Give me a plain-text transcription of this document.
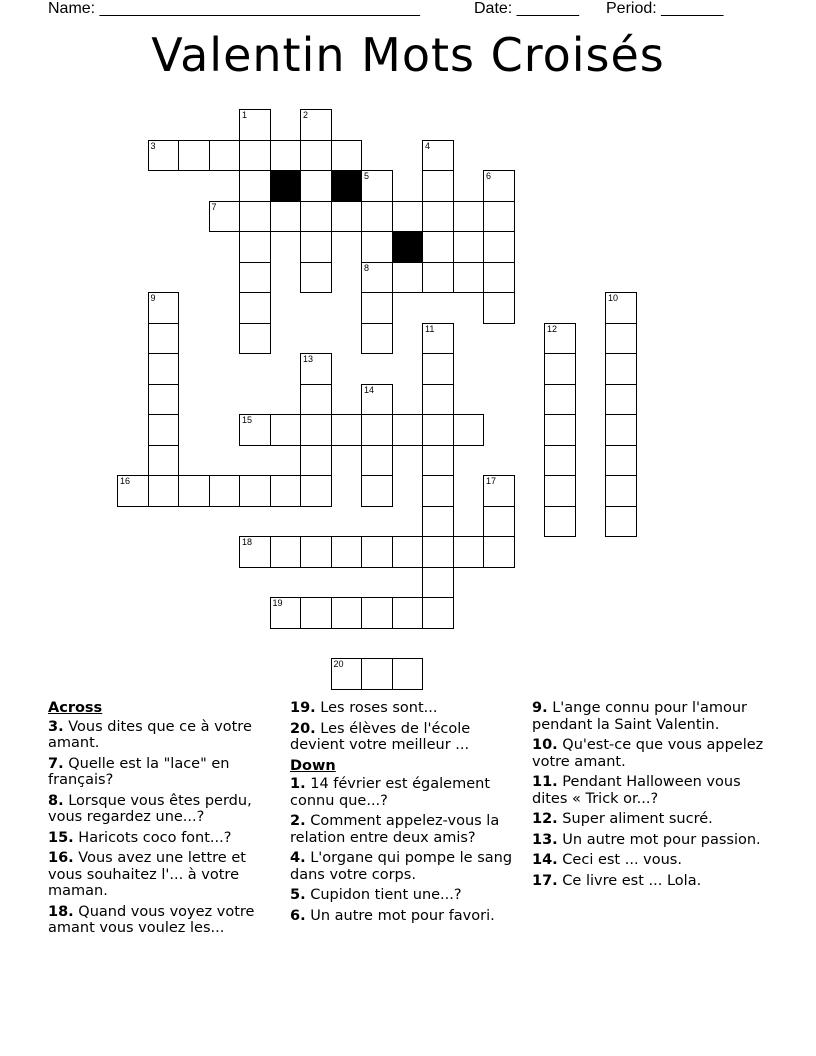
Name: ____________________________________	Date: _______ Period: _______
Valentin Mots Croisés
1	2
3	4
5	6
7
8
9	10
11	12
13
14
15
16	17
18
19
20
Across
3. Vous dites que ce à votre amant.
7. Quelle est la "lace" en français?
8. Lorsque vous êtes perdu, vous regardez une...?
15. Haricots coco font...?
16. Vous avez une lettre et vous souhaitez l'... à votre maman.
18. Quand vous voyez votre amant vous voulez les...
19. Les roses sont...
20. Les élèves de l'école devient votre meilleur ...
Down
1. 14 février est également connu que...?
2. Comment appelez-vous la relation entre deux amis?
4. L'organe qui pompe le sang dans votre corps.
5. Cupidon tient une...?
6. Un autre mot pour favori.
9. L'ange connu pour l'amour pendant la Saint Valentin.
10. Qu'est-ce que vous appelez votre amant.
11. Pendant Halloween vous dites « Trick or...?
12. Super aliment sucré.
13. Un autre mot pour passion.
14. Ceci est ... vous.
17. Ce livre est ... Lola.
